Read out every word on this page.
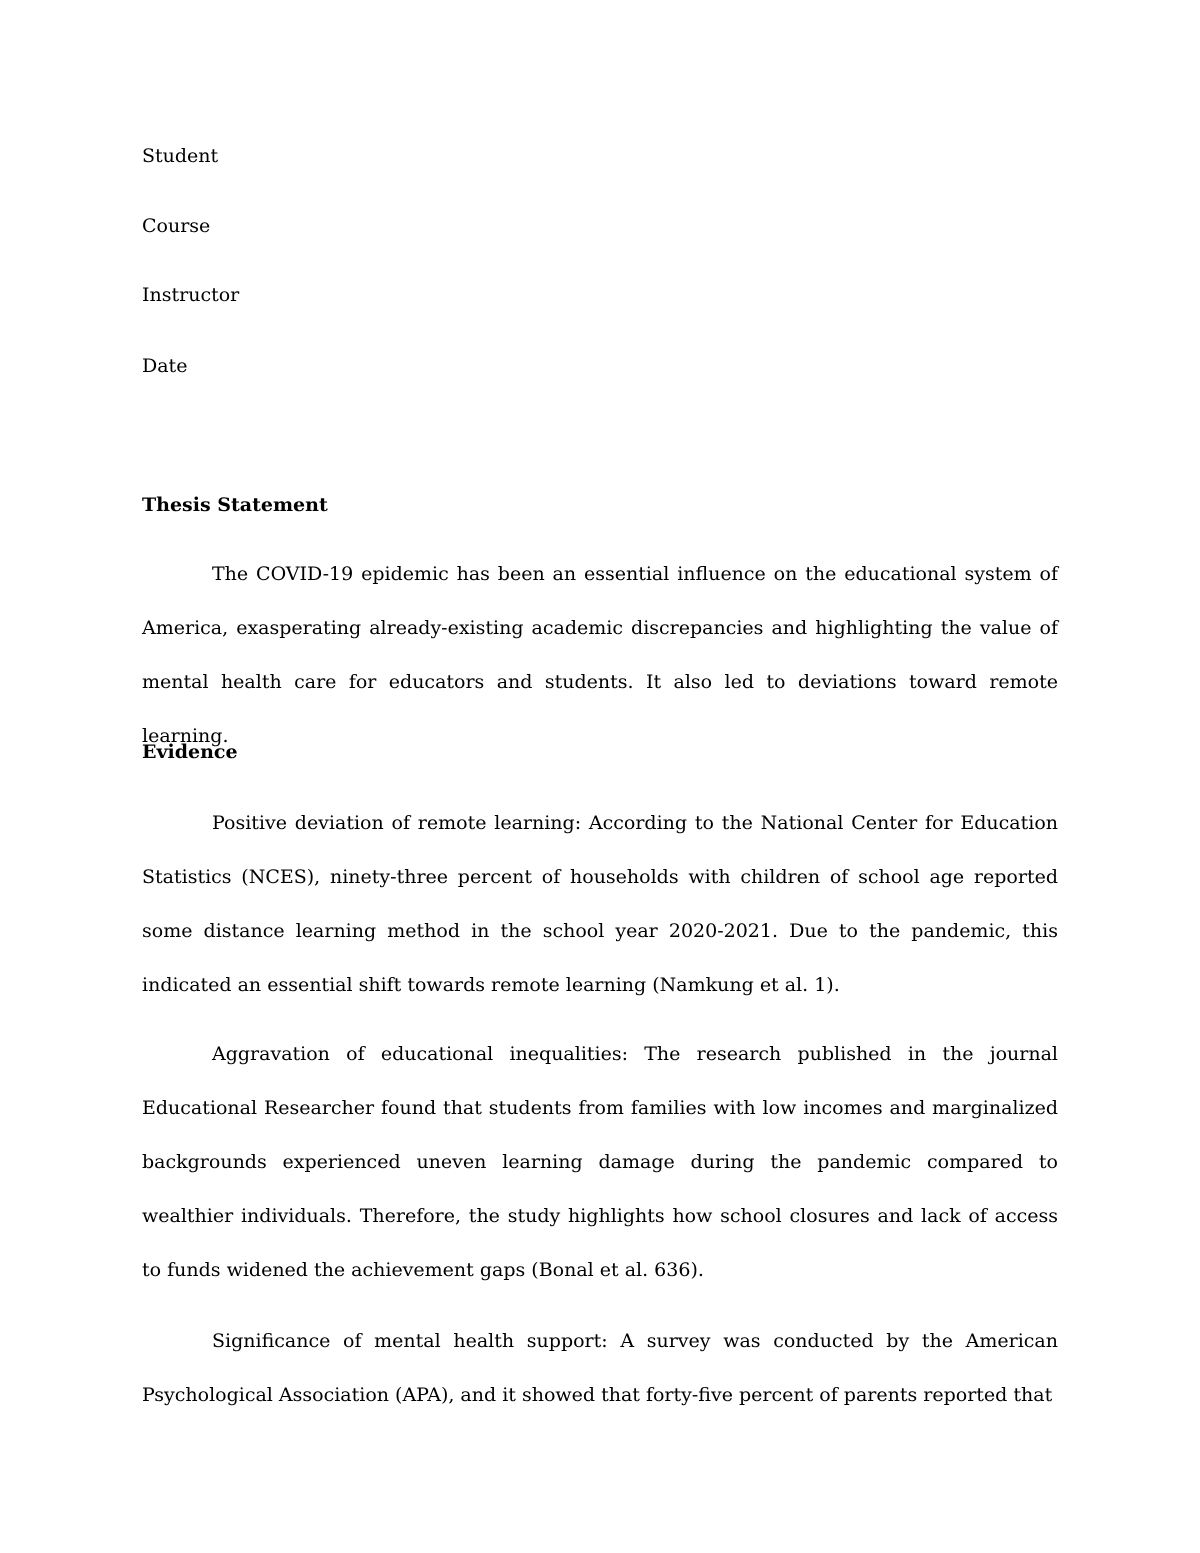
Student

Course

Instructor

Date

Thesis Statement

The COVID-19 epidemic has been an essential influence on the educational system of America, exasperating already-existing academic discrepancies and highlighting the value of mental health care for educators and students. It also led to deviations toward remote learning.

Evidence

Positive deviation of remote learning: According to the National Center for Education Statistics (NCES), ninety-three percent of households with children of school age reported some distance learning method in the school year 2020-2021. Due to the pandemic, this indicated an essential shift towards remote learning (Namkung et al. 1).

Aggravation of educational inequalities: The research published in the journal Educational Researcher found that students from families with low incomes and marginalized backgrounds experienced uneven learning damage during the pandemic compared to wealthier individuals. Therefore, the study highlights how school closures and lack of access to funds widened the achievement gaps (Bonal et al. 636).

Significance of mental health support: A survey was conducted by the American Psychological Association (APA), and it showed that forty-five percent of parents reported that
